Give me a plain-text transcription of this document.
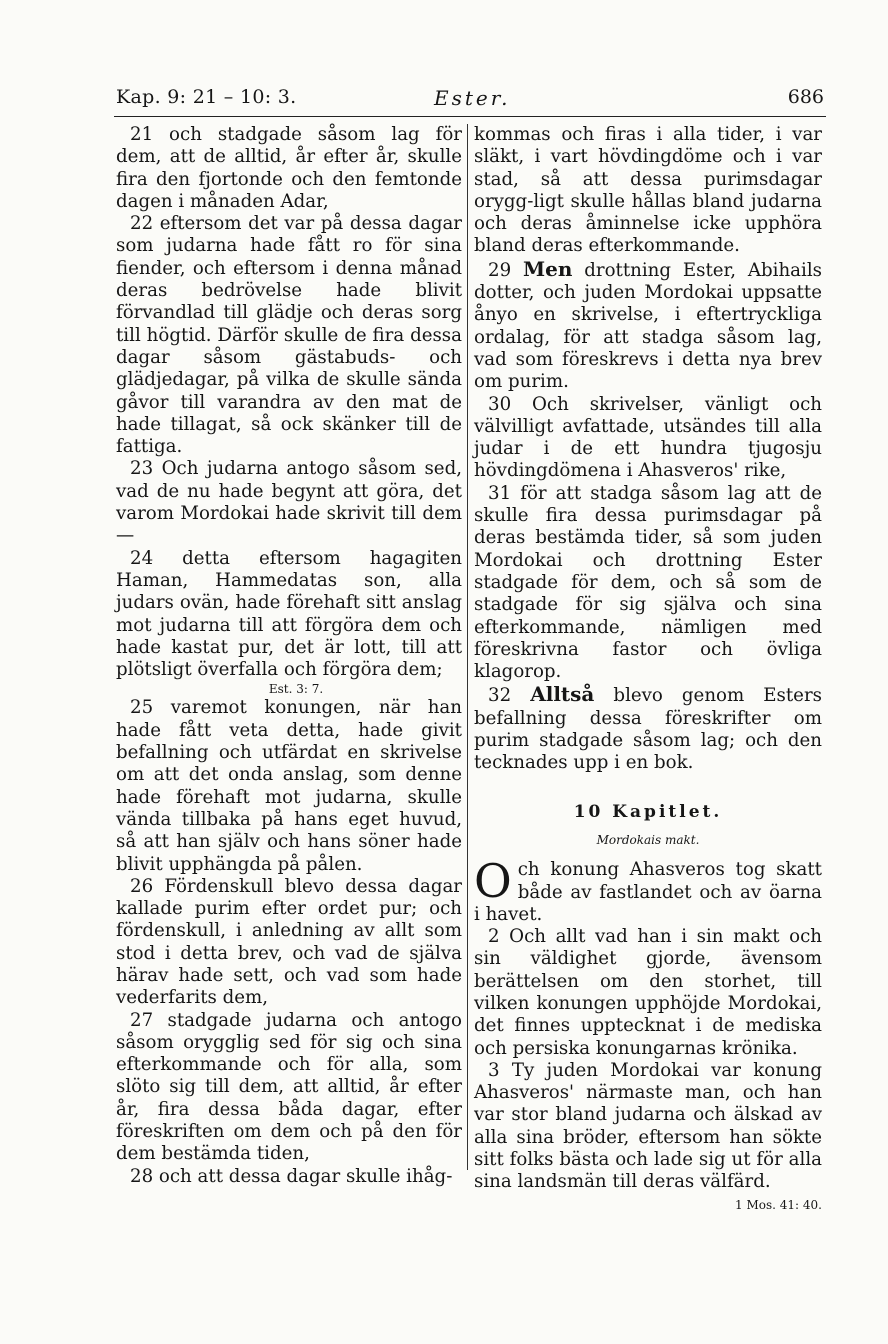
Kap. 9: 21 – 10: 3.	Ester.	686

21 och stadgade såsom lag för dem, att de alltid, år efter år, skulle fira den fjortonde och den femtonde dagen i månaden Adar,

22 eftersom det var på dessa dagar som judarna hade fått ro för sina fiender, och eftersom i denna månad deras bedrövelse hade blivit förvandlad till glädje och deras sorg till högtid. Därför skulle de fira dessa dagar såsom gästabuds- och glädjedagar, på vilka de skulle sända gåvor till varandra av den mat de hade tillagat, så ock skänker till de fattiga.

23 Och judarna antogo såsom sed, vad de nu hade begynt att göra, det varom Mordokai hade skrivit till dem —

24 detta eftersom hagagiten Haman, Hammedatas son, alla judars ovän, hade förehaft sitt anslag mot judarna till att förgöra dem och hade kastat pur, det är lott, till att plötsligt överfalla och förgöra dem;

Est. 3: 7.

25 varemot konungen, när han hade fått veta detta, hade givit befallning och utfärdat en skrivelse om att det onda anslag, som denne hade förehaft mot judarna, skulle vända tillbaka på hans eget huvud, så att han själv och hans söner hade blivit upphängda på pålen.

26 Fördenskull blevo dessa dagar kallade purim efter ordet pur; och fördenskull, i anledning av allt som stod i detta brev, och vad de själva härav hade sett, och vad som hade vederfarits dem,

27 stadgade judarna och antogo såsom orygglig sed för sig och sina efterkommande och för alla, som slöto sig till dem, att alltid, år efter år, fira dessa båda dagar, efter föreskriften om dem och på den för dem bestämda tiden,

28 och att dessa dagar skulle ihåg-

kommas och firas i alla tider, i var släkt, i vart hövdingdöme och i var stad, så att dessa purimsdagar orygg-ligt skulle hållas bland judarna och deras åminnelse icke upphöra bland deras efterkommande.

29 Men drottning Ester, Abihails dotter, och juden Mordokai uppsatte ånyo en skrivelse, i eftertryckliga ordalag, för att stadga såsom lag, vad som föreskrevs i detta nya brev om purim.

30 Och skrivelser, vänligt och välvilligt avfattade, utsändes till alla judar i de ett hundra tjugosju hövdingdömena i Ahasveros' rike,

31 för att stadga såsom lag att de skulle fira dessa purimsdagar på deras bestämda tider, så som juden Mordokai och drottning Ester stadgade för dem, och så som de stadgade för sig själva och sina efterkommande, nämligen med föreskrivna fastor och övliga klagorop.

32 Alltså blevo genom Esters befallning dessa föreskrifter om purim stadgade såsom lag; och den tecknades upp i en bok.

10 Kapitlet.
Mordokais makt.

Och konung Ahasveros tog skatt både av fastlandet och av öarna i havet.

2 Och allt vad han i sin makt och sin väldighet gjorde, ävensom berättelsen om den storhet, till vilken konungen upphöjde Mordokai, det finnes upptecknat i de mediska och persiska konungarnas krönika.

3 Ty juden Mordokai var konung Ahasveros' närmaste man, och han var stor bland judarna och älskad av alla sina bröder, eftersom han sökte sitt folks bästa och lade sig ut för alla sina landsmän till deras välfärd.

1 Mos. 41: 40.
